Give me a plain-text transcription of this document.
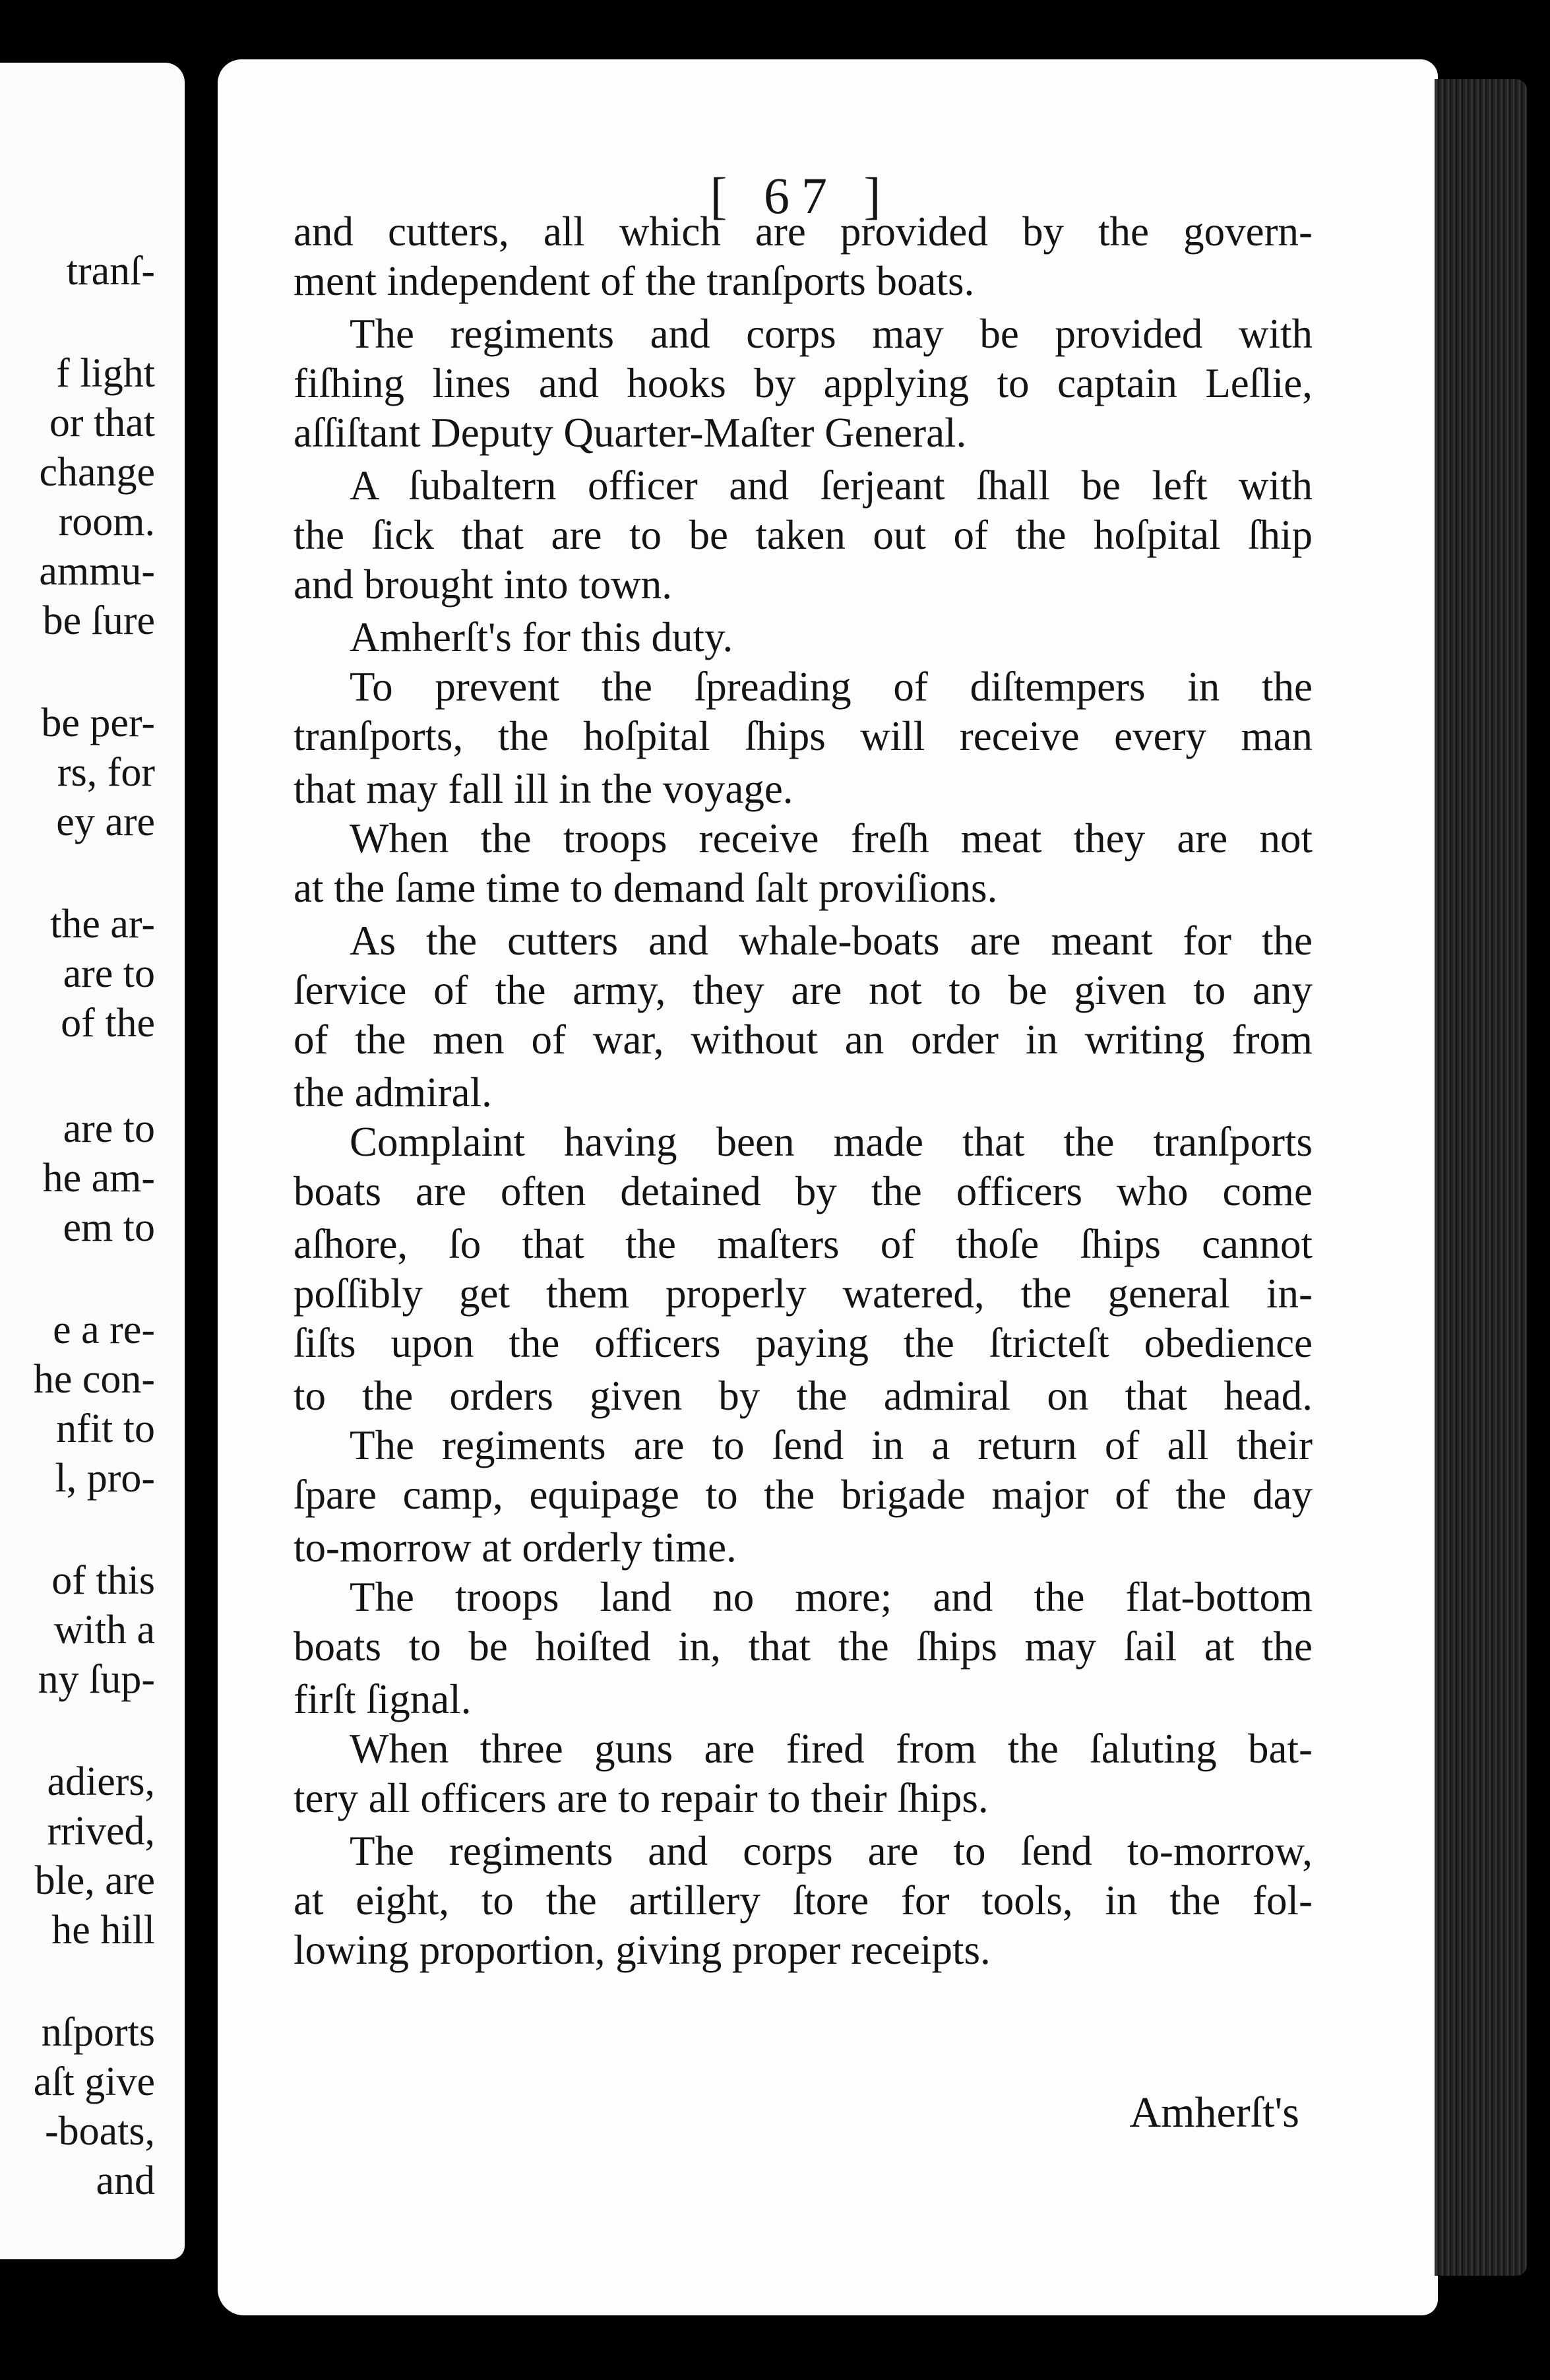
tranſ-
f light
or that
change
room.
ammu-
be ſure
be per-
rs, for
ey are
the ar-
are to
of the
are to
he am-
em to
e a re-
he con-
nfit to
l, pro-
of this
with a
ny ſup-
adiers,
rrived,
ble, are
he hill
nſports
aſt give
-boats,
and
[ 67 ]
and cutters, all which are provided by the govern-
ment independent of the tranſports boats.
The regiments and corps may be provided with
fiſhing lines and hooks by applying to captain Leſlie,
aſſiſtant Deputy Quarter-Maſter General.
A ſubaltern officer and ſerjeant ſhall be left with
the ſick that are to be taken out of the hoſpital ſhip
and brought into town.
Amherſt's for this duty.
To prevent the ſpreading of diſtempers in the
tranſports, the hoſpital ſhips will receive every man
that may fall ill in the voyage.
When the troops receive freſh meat they are not
at the ſame time to demand ſalt proviſions.
As the cutters and whale-boats are meant for the
ſervice of the army, they are not to be given to any
of the men of war, without an order in writing from
the admiral.
Complaint having been made that the tranſports
boats are often detained by the officers who come
aſhore, ſo that the maſters of thoſe ſhips cannot
poſſibly get them properly watered, the general in-
ſiſts upon the officers paying the ſtricteſt obedience
to the orders given by the admiral on that head.
The regiments are to ſend in a return of all their
ſpare camp, equipage to the brigade major of the day
to-morrow at orderly time.
The troops land no more; and the flat-bottom
boats to be hoiſted in, that the ſhips may ſail at the
firſt ſignal.
When three guns are fired from the ſaluting bat-
tery all officers are to repair to their ſhips.
The regiments and corps are to ſend to-morrow,
at eight, to the artillery ſtore for tools, in the fol-
lowing proportion, giving proper receipts.
Amherſt's
